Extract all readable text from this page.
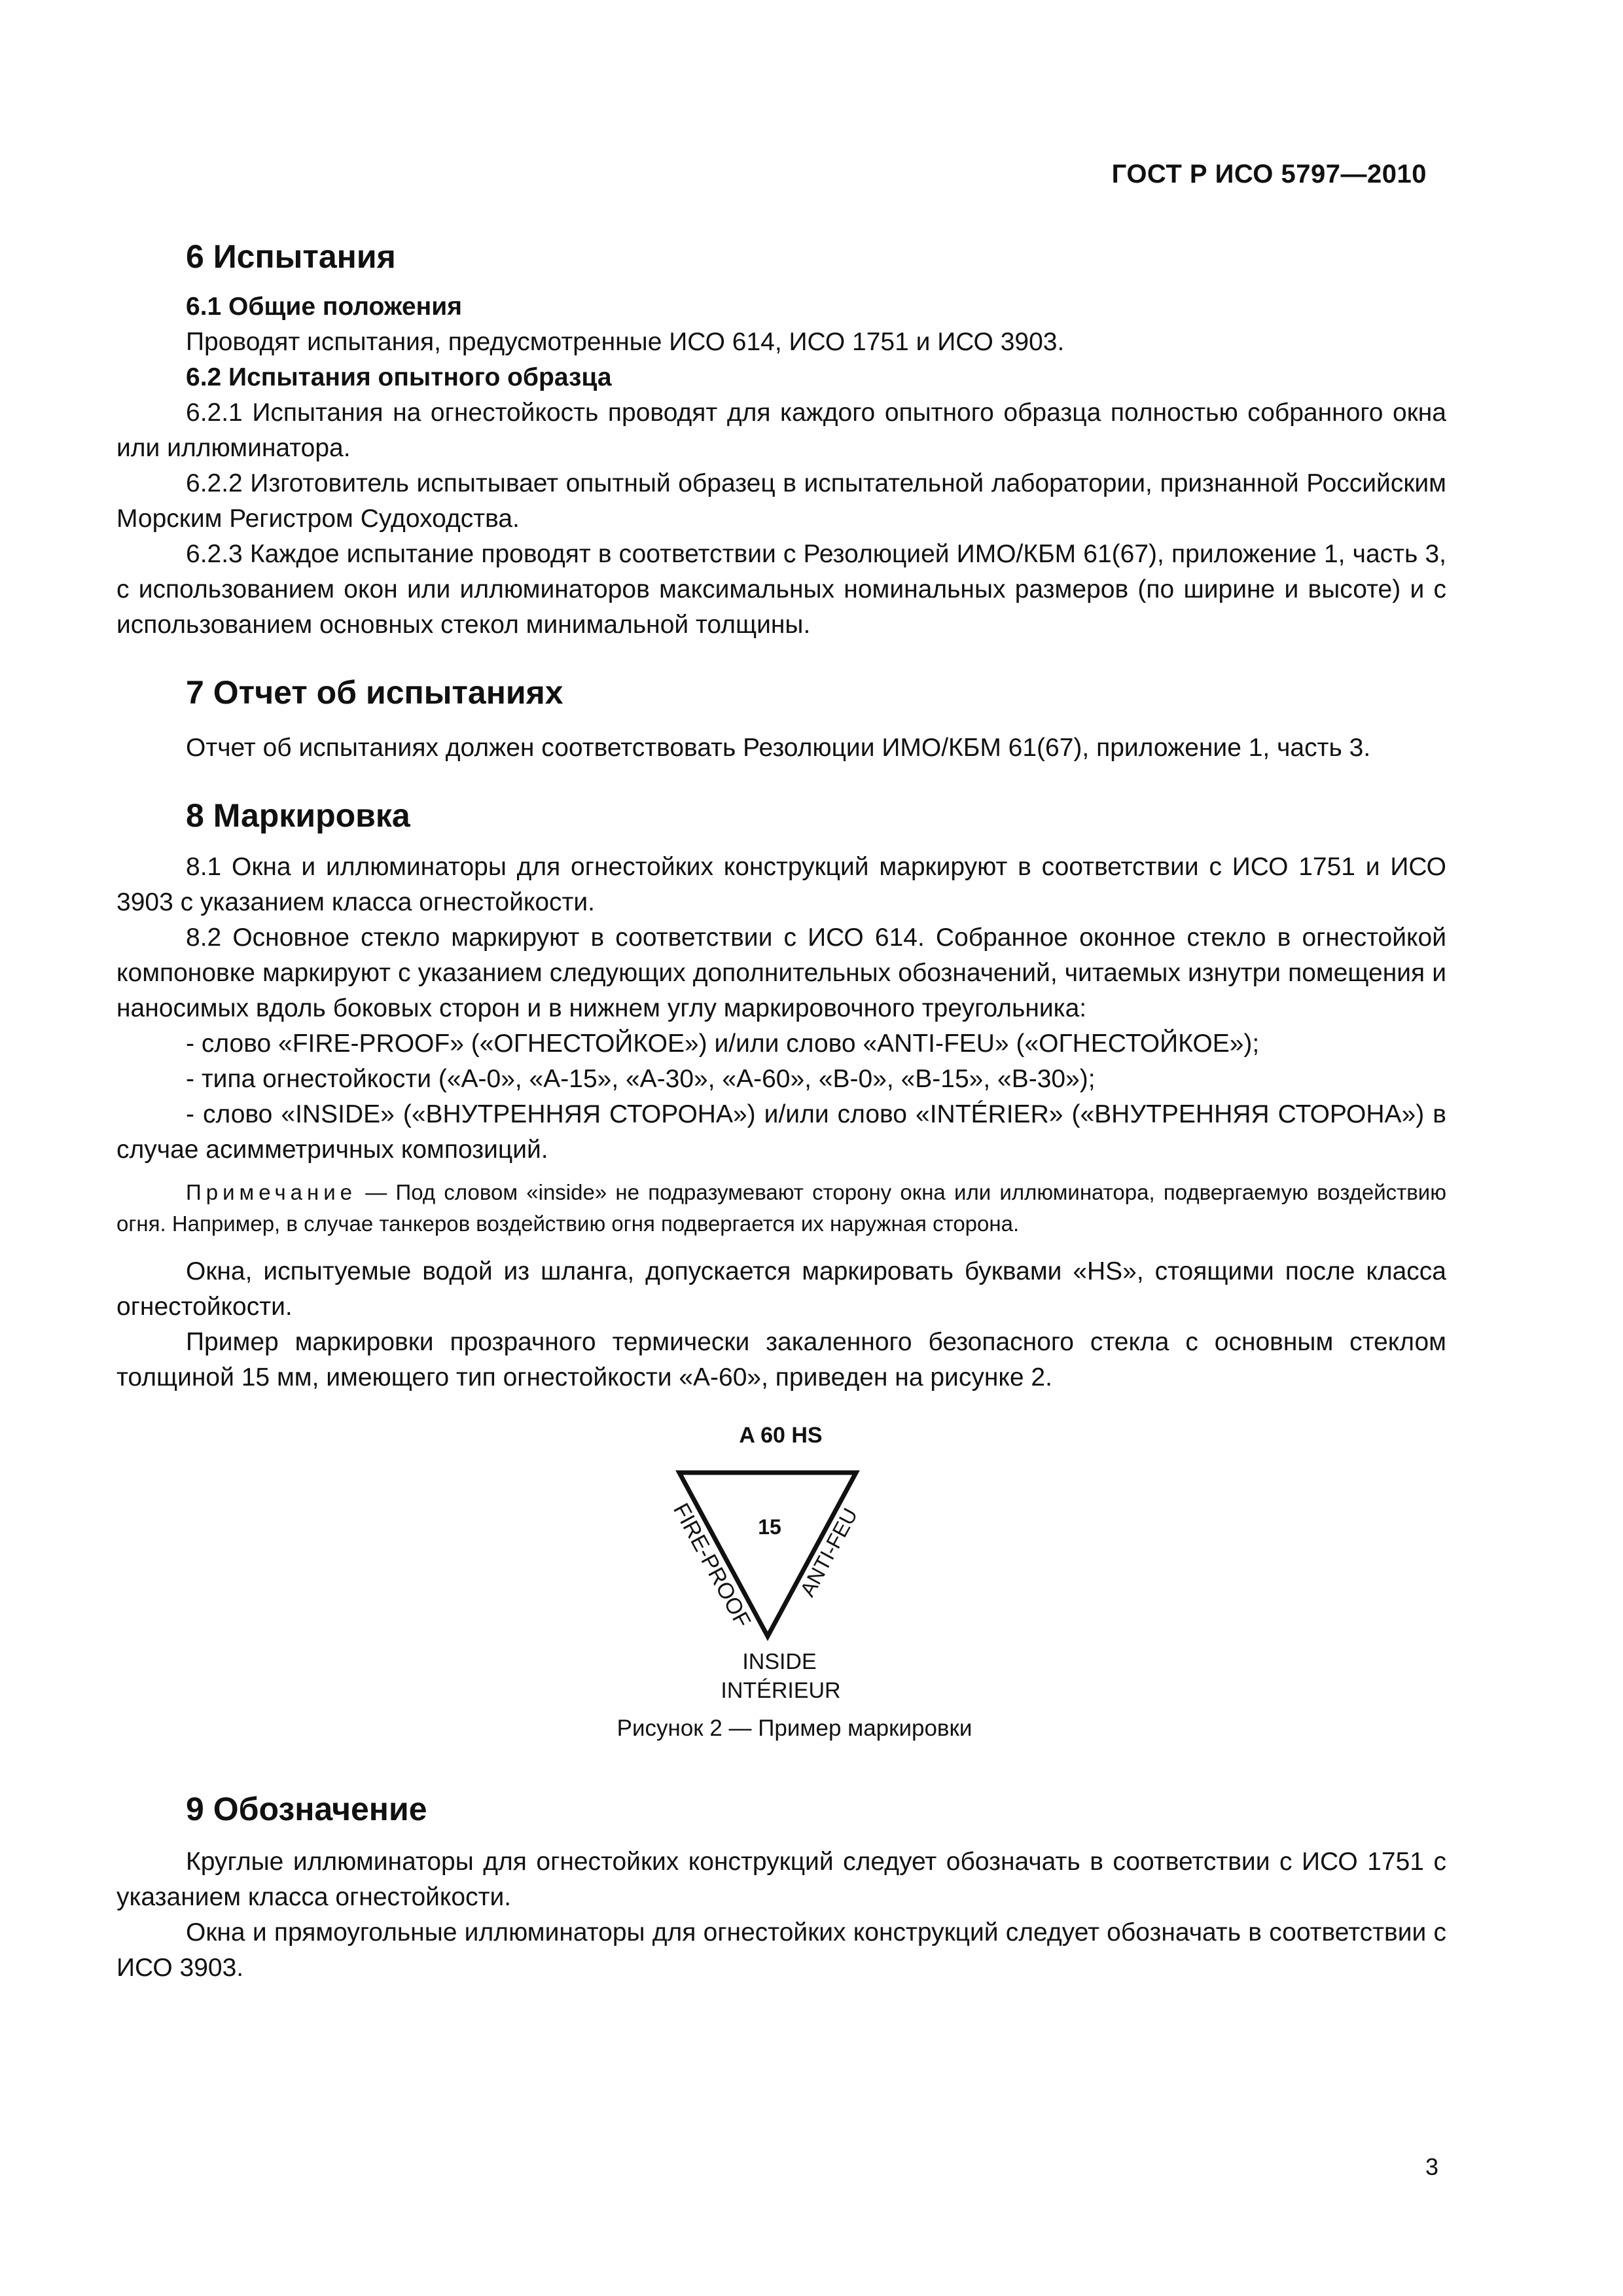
ГОСТ Р ИСО 5797—2010
6 Испытания
6.1 Общие положения

Проводят испытания, предусмотренные ИСО 614, ИСО 1751 и ИСО 3903.

6.2 Испытания опытного образца

6.2.1 Испытания на огнестойкость проводят для каждого опытного образца полностью собранного окна или иллюминатора.

6.2.2 Изготовитель испытывает опытный образец в испытательной лаборатории, признанной Российским Морским Регистром Судоходства.

6.2.3 Каждое испытание проводят в соответствии с Резолюцией ИМО/КБМ 61(67), приложение 1, часть 3, с использованием окон или иллюминаторов максимальных номинальных размеров (по ширине и высоте) и с использованием основных стекол минимальной толщины.

7 Отчет об испытаниях

Отчет об испытаниях должен соответствовать Резолюции ИМО/КБМ 61(67), приложение 1, часть 3.

8 Маркировка

8.1 Окна и иллюминаторы для огнестойких конструкций маркируют в соответствии с ИСО 1751 и ИСО 3903 с указанием класса огнестойкости.

8.2 Основное стекло маркируют в соответствии с ИСО 614. Собранное оконное стекло в огнестойкой компоновке маркируют с указанием следующих дополнительных обозначений, читаемых изнутри помещения и наносимых вдоль боковых сторон и в нижнем углу маркировочного треугольника:

- слово «FIRE-PROOF» («ОГНЕСТОЙКОЕ») и/или слово «ANTI-FEU» («ОГНЕСТОЙКОЕ»);

- типа огнестойкости («А-0», «А-15», «А-30», «А-60», «В-0», «В-15», «В-30»);

- слово «INSIDE» («ВНУТРЕННЯЯ СТОРОНА») и/или слово «INTÉRIER» («ВНУТРЕННЯЯ СТОРОНА») в случае асимметричных композиций.

Примечание — Под словом «inside» не подразумевают сторону окна или иллюминатора, подвергаемую воздействию огня. Например, в случае танкеров воздействию огня подвергается их наружная сторона.

Окна, испытуемые водой из шланга, допускается маркировать буквами «HS», стоящими после класса огнестойкости.

Пример маркировки прозрачного термически закаленного безопасного стекла с основным стеклом толщиной 15 мм, имеющего тип огнестойкости «А-60», приведен на рисунке 2.

A 60 HS
15
FIRE-PROOF ANTI-FEU
INSIDE
INTÉRIEUR
Рисунок 2 — Пример маркировки
9 Обозначение

Круглые иллюминаторы для огнестойких конструкций следует обозначать в соответствии с ИСО 1751 с указанием класса огнестойкости.

Окна и прямоугольные иллюминаторы для огнестойких конструкций следует обозначать в соответствии с ИСО 3903.

3
